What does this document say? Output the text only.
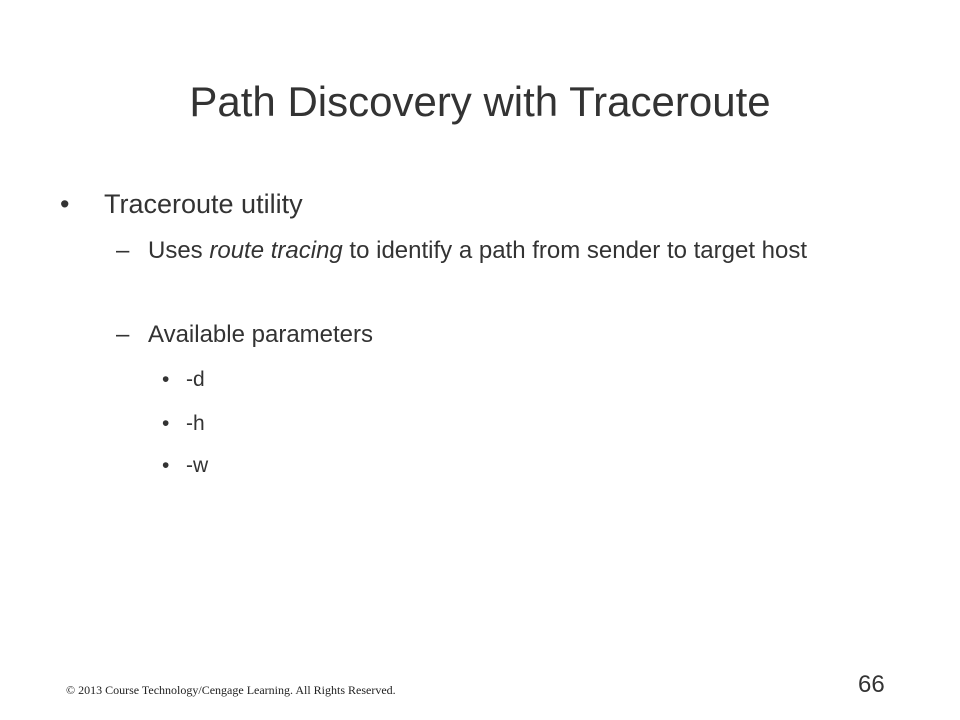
Path Discovery with Traceroute
• Traceroute utility
– Uses route tracing to identify a path from sender to target host
– Available parameters
• -d
• -h
• -w
© 2013 Course Technology/Cengage Learning. All Rights Reserved.	66
